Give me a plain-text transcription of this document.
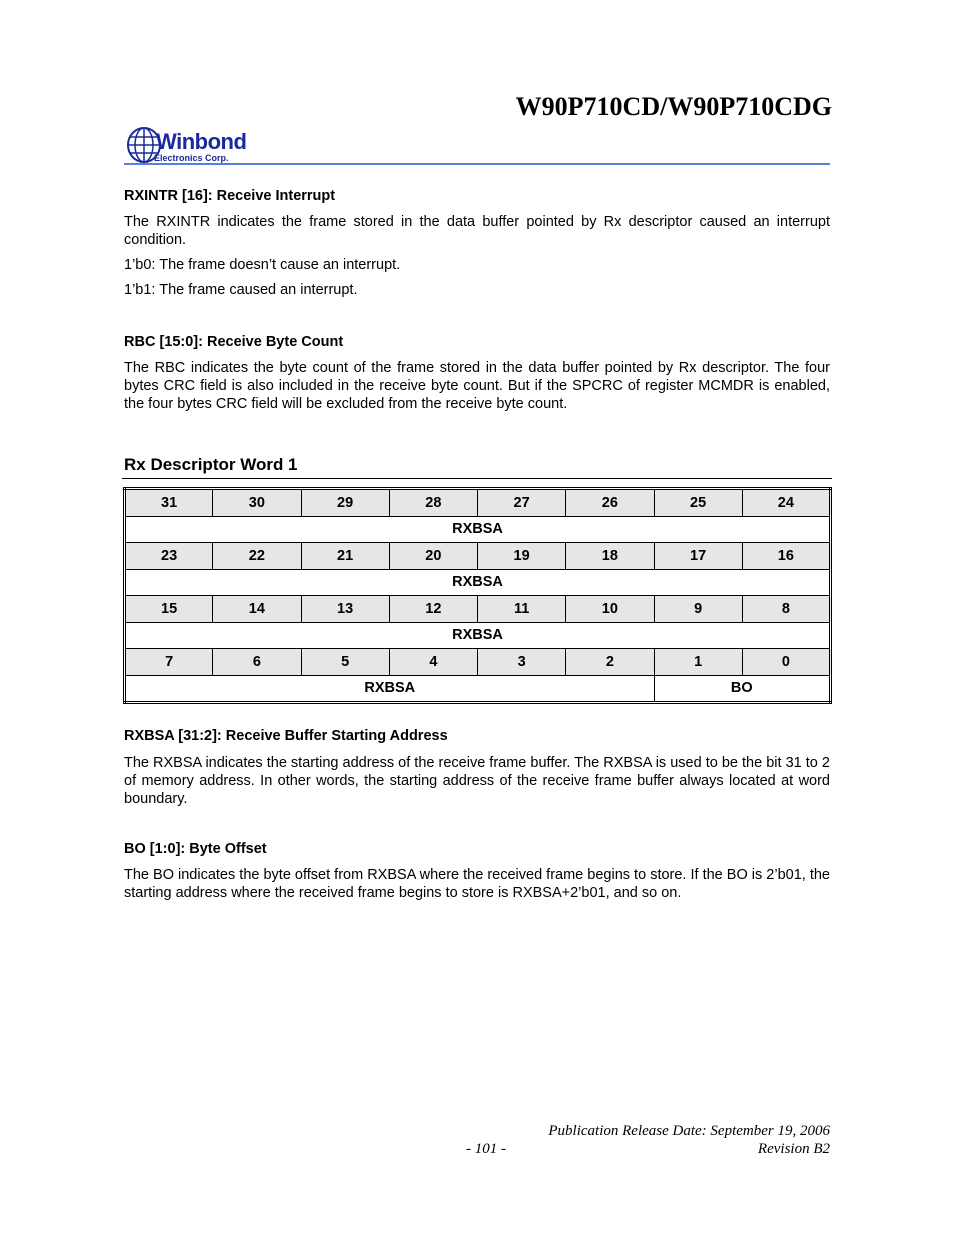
W90P710CD/W90P710CDG
Winbond
Electronics Corp.
RXINTR [16]: Receive Interrupt
The RXINTR indicates the frame stored in the data buffer pointed by Rx descriptor caused an interrupt condition.
1’b0: The frame doesn’t cause an interrupt.
1’b1: The frame caused an interrupt.
RBC [15:0]: Receive Byte Count
The RBC indicates the byte count of the frame stored in the data buffer pointed by Rx descriptor. The four bytes CRC field is also included in the receive byte count. But if the SPCRC of register MCMDR is enabled, the four bytes CRC field will be excluded from the receive byte count.
Rx Descriptor Word 1
31	30	29	28	27	26	25	24
RXBSA							
23	22	21	20	19	18	17	16
RXBSA							
15	14	13	12	11	10	9	8
RXBSA							
7	6	5	4	3	2	1	0
RXBSA						BO	
RXBSA [31:2]: Receive Buffer Starting Address
The RXBSA indicates the starting address of the receive frame buffer. The RXBSA is used to be the bit 31 to 2 of memory address. In other words, the starting address of the receive frame buffer always located at word boundary.
BO [1:0]: Byte Offset
The BO indicates the byte offset from RXBSA where the received frame begins to store. If the BO is 2’b01, the starting address where the received frame begins to store is RXBSA+2’b01, and so on.
Publication Release Date: September 19, 2006
- 101 -	Revision B2
